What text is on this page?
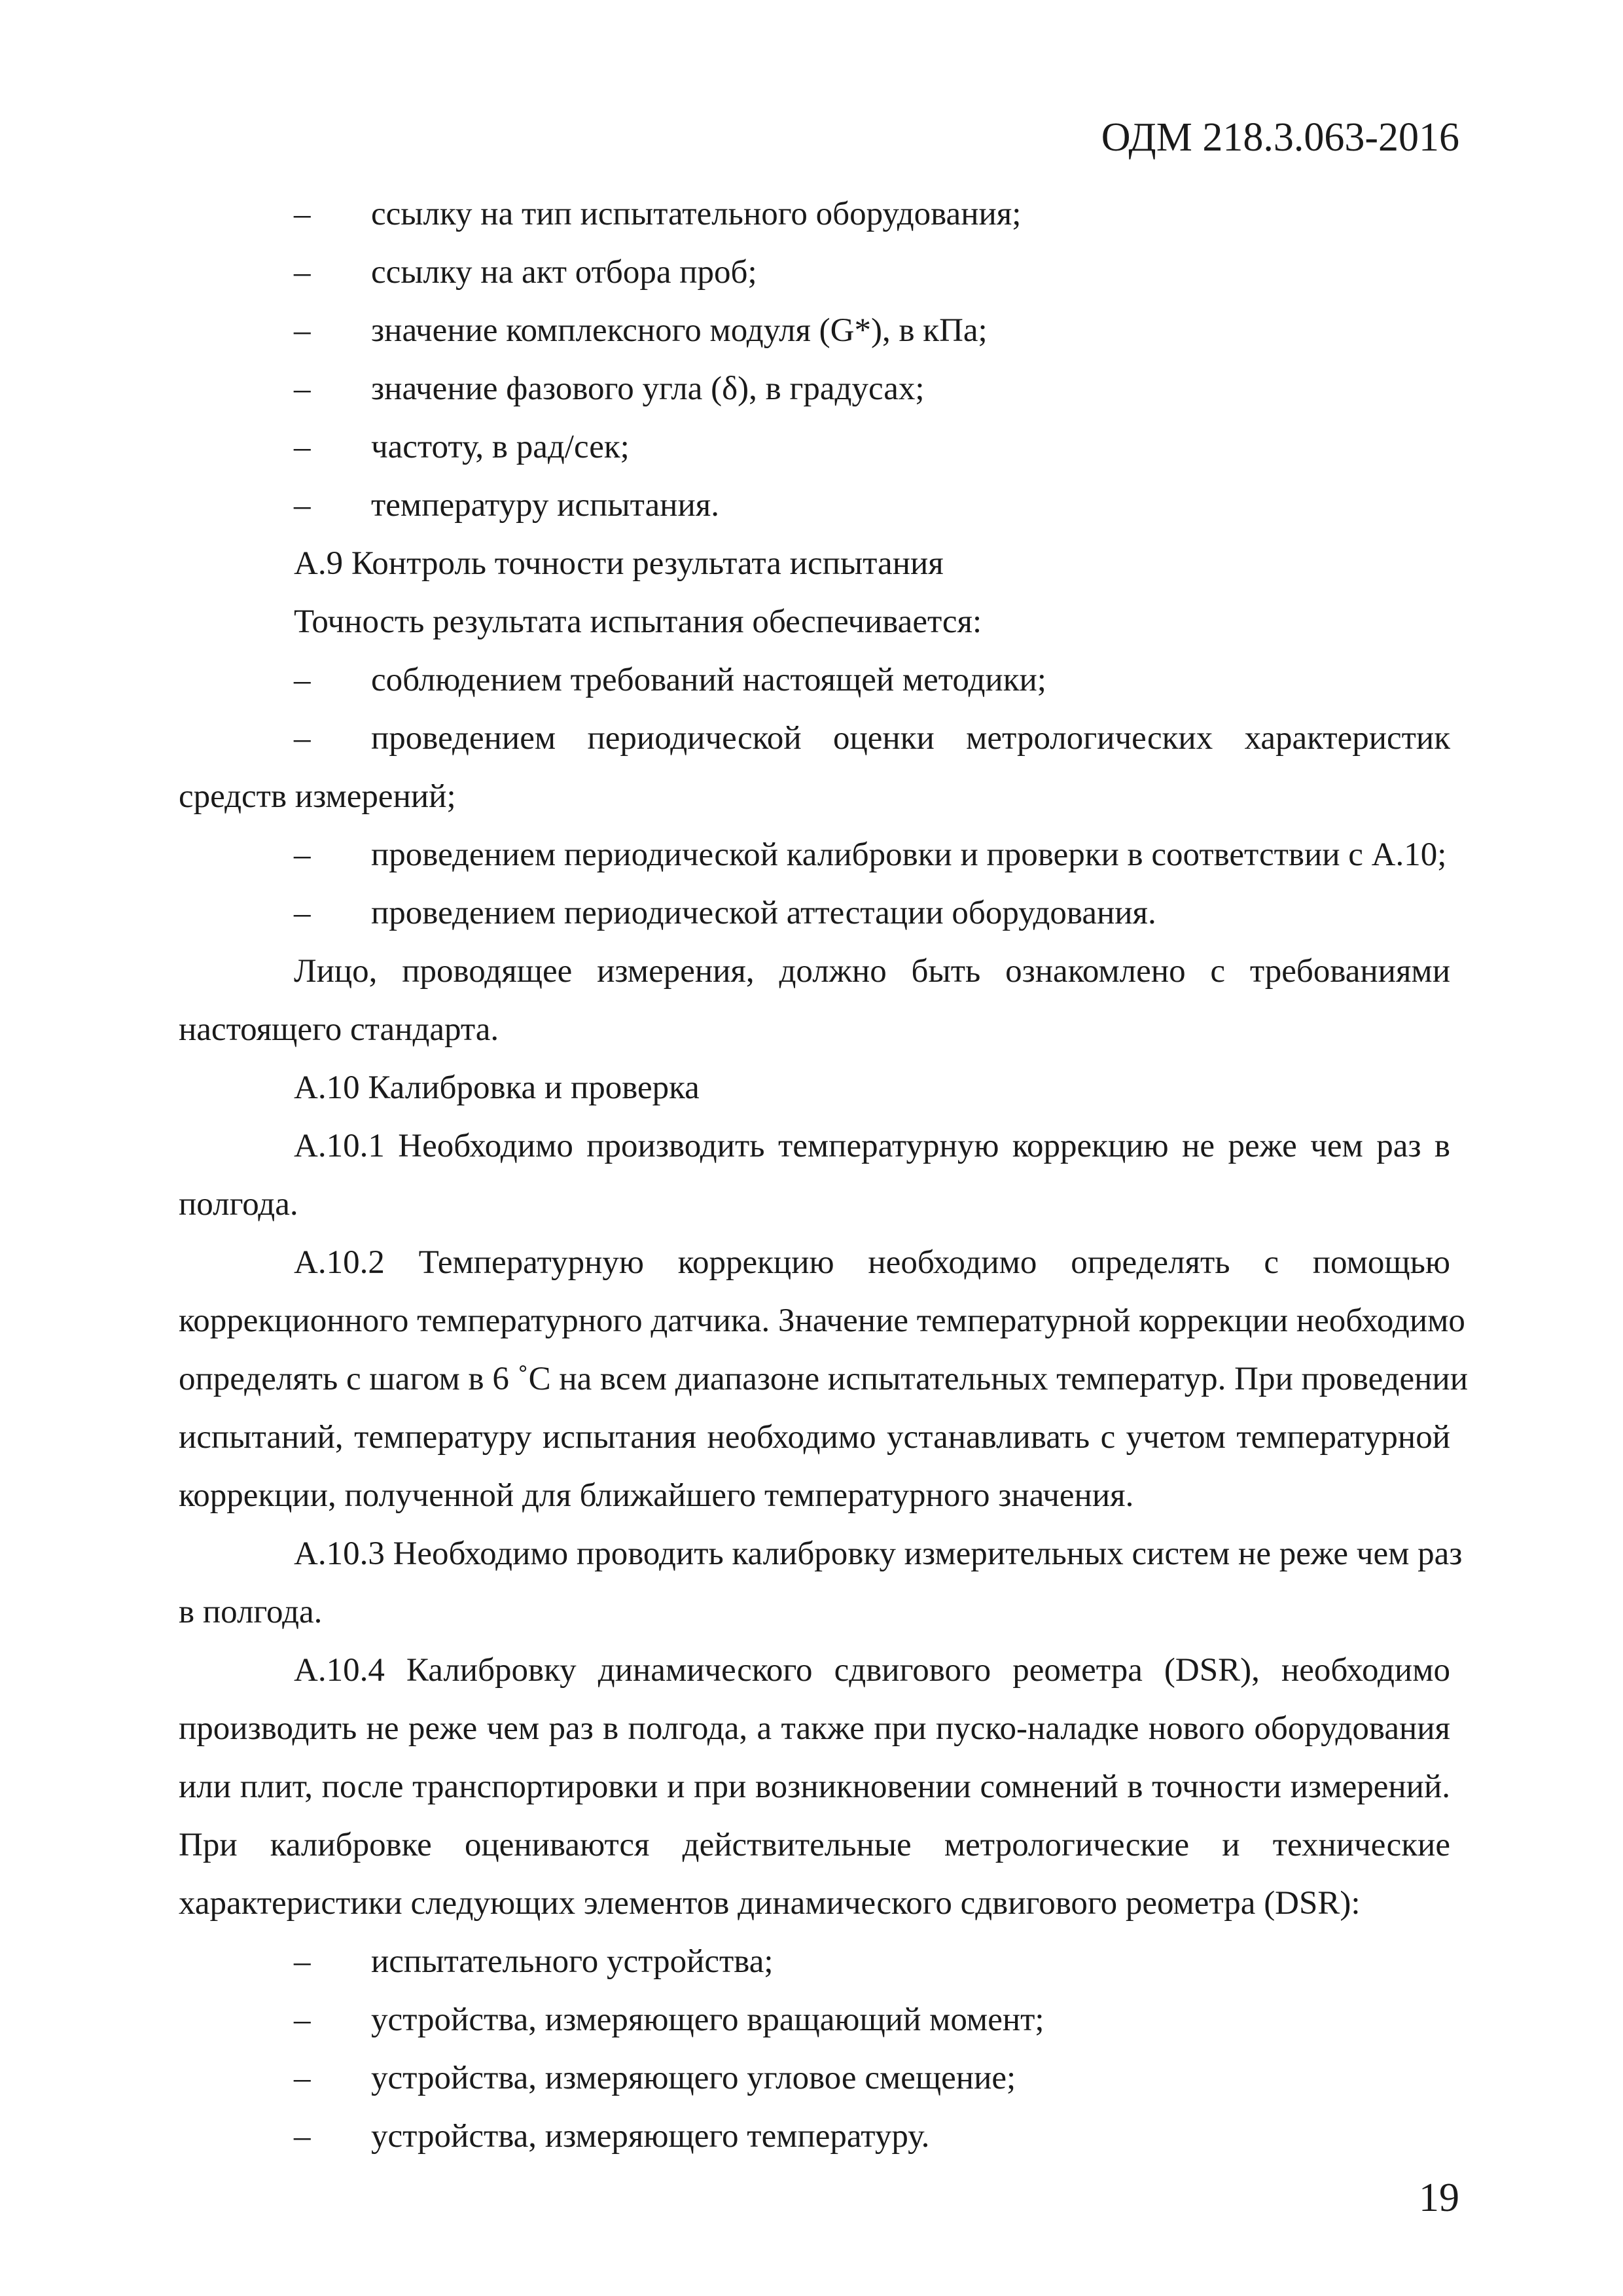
ОДМ 218.3.063-2016
– ссылку на тип испытательного оборудования;
– ссылку на акт отбора проб;
– значение комплексного модуля (G*), в кПа;
– значение фазового угла (δ), в градусах;
– частоту, в рад/сек;
– температуру испытания.
А.9 Контроль точности результата испытания
Точность результата испытания обеспечивается:
– соблюдением требований настоящей методики;
– проведением периодической оценки метрологических характеристик
средств измерений;
– проведением периодической калибровки и проверки в соответствии с А.10;
– проведением периодической аттестации оборудования.
Лицо, проводящее измерения, должно быть ознакомлено с требованиями
настоящего стандарта.
А.10 Калибровка и проверка
А.10.1 Необходимо производить температурную коррекцию не реже чем раз в
полгода.
А.10.2 Температурную коррекцию необходимо определять с помощью
коррекционного температурного датчика. Значение температурной коррекции необходимо
определять с шагом в 6 ˚С на всем диапазоне испытательных температур. При проведении
испытаний, температуру испытания необходимо устанавливать с учетом температурной
коррекции, полученной для ближайшего температурного значения.
А.10.3 Необходимо проводить калибровку измерительных систем не реже чем раз
в полгода.
А.10.4 Калибровку динамического сдвигового реометра (DSR), необходимо
производить не реже чем раз в полгода, а также при пуско-наладке нового оборудования
или плит, после транспортировки и при возникновении сомнений в точности измерений.
При калибровке оцениваются действительные метрологические и технические
характеристики следующих элементов динамического сдвигового реометра (DSR):
– испытательного устройства;
– устройства, измеряющего вращающий момент;
– устройства, измеряющего угловое смещение;
– устройства, измеряющего температуру.
19
